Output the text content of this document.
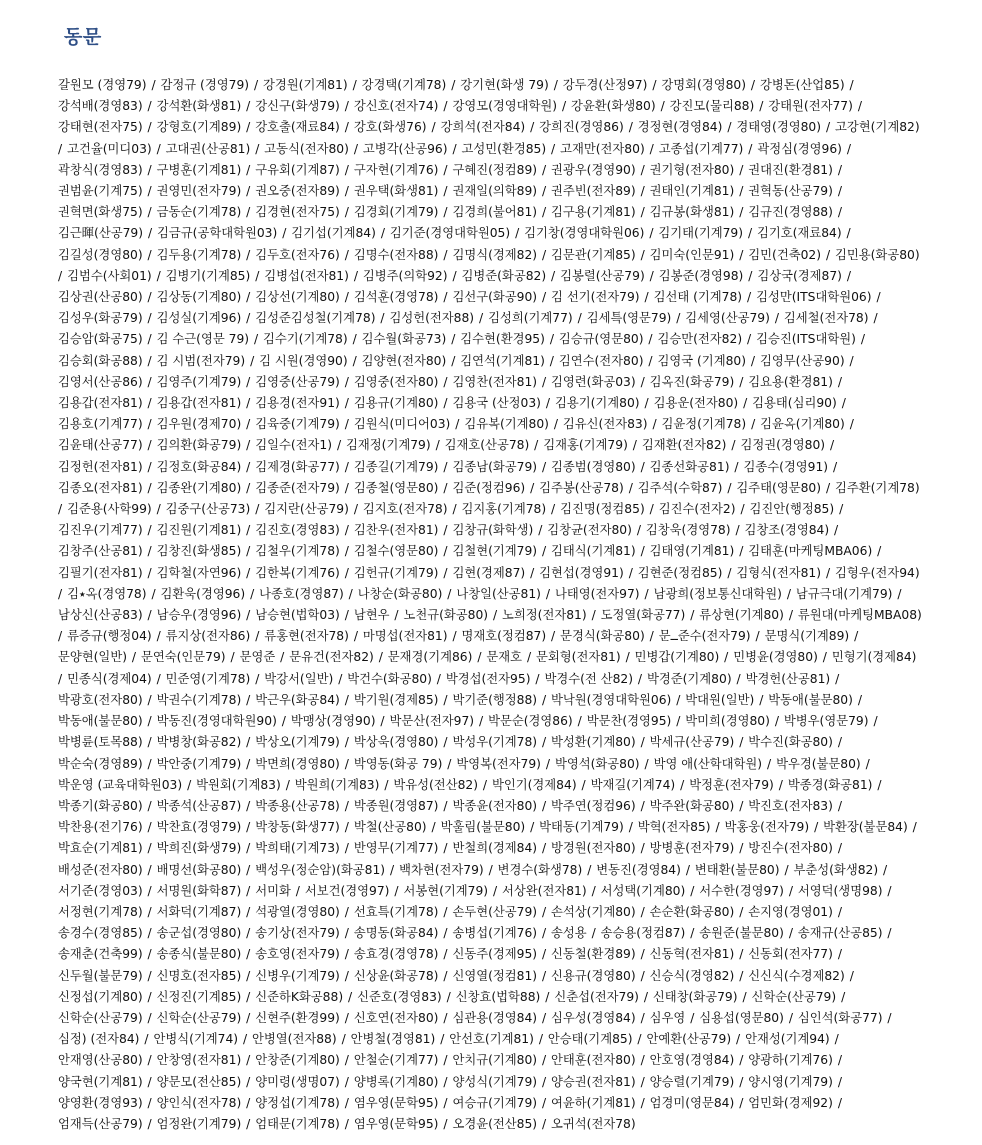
동문
갈원모 (경영79) / 감정규 (경영79) / 강경원(기계81) / 강경택(기계78) / 강기현(화생 79) / 강두경(산정97) / 강명회(경영80) / 강병돈(산업85) / 강석배(경영83) / 강석환(화생81) / 강신구(화생79) / 강신호(전자74) / 강영모(경영대학원) / 강윤환(화생80) / 강진모(물리88) / 강태원(전자77) / 강태현(전자75) / 강형호(기계89) / 강호출(재료84) / 강호(화생76) / 강희석(전자84) / 강희진(경영86) / 경정현(경영84) / 경태영(경영80) / 고강현(기계82) / 고건율(미디03) / 고대권(산공81) / 고동식(전자80) / 고병각(산공96) / 고성민(환경85) / 고재만(전자80) / 고종섭(기계77) / 곽정심(경영96) / 곽창식(경영83) / 구병훈(기계81) / 구유회(기계87) / 구자현(기계76) / 구혜진(정컴89) / 권광우(경영90) / 권기형(전자80) / 권대진(환경81) / 권범윤(기계75) / 권영민(전자79) / 권오중(전자89) / 권우택(화생81) / 권재일(의학89) / 권주빈(전자89) / 권태인(기계81) / 권혁동(산공79) / 권혁면(화생75) / 금동순(기계78) / 김경현(전자75) / 김경회(기계79) / 김경희(불어81) / 김구용(기계81) / 김규봉(화생81) / 김규진(경영88) / 김근暉(산공79) / 김금규(공학대학원03) / 김기섭(기계84) / 김기준(경영대학원05) / 김기창(경영대학원06) / 김기태(기계79) / 김기호(재료84) / 김길성(경영80) / 김두용(기계78) / 김두호(전자76) / 김명수(전자88) / 김명식(경제82) / 김문관(기계85) / 김미숙(인문91) / 김민(건축02) / 김민용(화공80) / 김범수(사회01) / 김병기(기계85) / 김병섭(전자81) / 김병주(의학92) / 김병준(화공82) / 김봉렬(산공79) / 김봉준(경영98) / 김상국(경제87) / 김상권(산공80) / 김상동(기계80) / 김상선(기계80) / 김석훈(경영78) / 김선구(화공90) / 김 선기(전자79) / 김선태 (기계78) / 김성만(ITS대학원06) / 김성우(화공79) / 김성실(기계96) / 김성준김성철(기계78) / 김성헌(전자88) / 김성희(기계77) / 김세특(영문79) / 김세영(산공79) / 김세철(전자78) / 김승암(화공75) / 김 수근(영문 79) / 김수기(기계78) / 김수월(화공73) / 김수현(환경95) / 김승규(영문80) / 김승만(전자82) / 김승진(ITS대학원) / 김승회(화공88) / 김 시범(전자79) / 김 시원(경영90) / 김양현(전자80) / 김연석(기계81) / 김연수(전자80) / 김영국 (기계80) / 김영무(산공90) / 김영서(산공86) / 김영주(기계79) / 김영중(산공79) / 김영중(전자80) / 김영찬(전자81) / 김영련(화공03) / 김옥진(화공79) / 김요용(환경81) / 김용갑(전자81) / 김용갑(전자81) / 김용경(전자91) / 김용규(기계80) / 김용국 (산정03) / 김용기(기계80) / 김용운(전자80) / 김용태(심리90) / 김용호(기계77) / 김우원(경제70) / 김육중(기계79) / 김원식(미디어03) / 김유복(기계80) / 김유신(전자83) / 김윤정(기계78) / 김윤옥(기계80) / 김윤태(산공77) / 김의환(화공79) / 김일수(전자1) / 김재정(기계79) / 김재호(산공78) / 김재홍(기계79) / 김재환(전자82) / 김정권(경영80) / 김정헌(전자81) / 김정호(화공84) / 김제경(화공77) / 김종길(기계79) / 김종남(화공79) / 김종범(경영80) / 김종선화공81) / 김종수(경영91) / 김종오(전자81) / 김종완(기계80) / 김종준(전자79) / 김종철(영문80) / 김준(정컴96) / 김주봉(산공78) / 김주석(수학87) / 김주태(영문80) / 김주환(기계78) / 김준용(사학99) / 김중구(산공73) / 김지란(산공79) / 김지호(전자78) / 김지홍(기계78) / 김진명(정컴85) / 김진수(전자2) / 김진안(행정85) / 김진우(기계77) / 김진원(기계81) / 김진호(경영83) / 김찬우(전자81) / 김창규(화학생) / 김창균(전자80) / 김창욱(경영78) / 김창조(경영84) / 김창주(산공81) / 김창진(화생85) / 김철우(기계78) / 김철수(영문80) / 김철현(기계79) / 김태식(기계81) / 김태영(기계81) / 김태훈(마케팅MBA06) / 김필기(전자81) / 김학철(자연96) / 김한복(기계76) / 김헌규(기계79) / 김현(경제87) / 김현섭(경영91) / 김현준(정컴85) / 김형식(전자81) / 김형우(전자94) / 김٭옥(경영78) / 김환욱(경영96) / 나종호(경영87) / 나창순(화공80) / 나창일(산공81) / 나태영(전자97) / 남광희(정보통신대학원) / 남규극대(기계79) / 남상신(산공83) / 남승우(경영96) / 남승현(법학03) / 남현우 / 노천규(화공80) / 노희정(전자81) / 도정열(화공77) / 류상현(기계80) / 류원대(마케팅MBA08) / 류증규(행정04) / 류지상(전자86) / 류홍현(전자78) / 마명섭(전자81) / 명재호(정컴87) / 문경식(화공80) / 문ــ준수(전자79) / 문명식(기계89) / 문양현(일반) / 문연숙(인문79) / 문영준 / 문유건(전자82) / 문재경(기계86) / 문재호 / 문회형(전자81) / 민병갑(기계80) / 민병윤(경영80) / 민형기(경제84) / 민종식(경제04) / 민준영(기계78) / 박강서(일반) / 박건수(화공80) / 박경섭(전자95) / 박경수(전 산82) / 박경준(기계80) / 박경헌(산공81) / 박광호(전자80) / 박권수(기계78) / 박근우(화공84) / 박기원(경제85) / 박기준(행정88) / 박낙원(경영대학원06) / 박대원(일반) / 박동애(불문80) / 박동애(불문80) / 박동진(경영대학원90) / 박맹상(경영90) / 박문산(전자97) / 박문순(경영86) / 박문찬(경영95) / 박미희(경영80) / 박병우(영문79) / 박병륜(토목88) / 박병창(화공82) / 박상오(기계79) / 박상욱(경영80) / 박성우(기계78) / 박성환(기계80) / 박세규(산공79) / 박수진(화공80) / 박순숙(경영89) / 박안중(기계79) / 박면희(경영80) / 박영동(화공 79) / 박영복(전자79) / 박영석(화공80) / 박영 애(산학대학원) / 박우경(불문80) / 박운영 (교육대학원03) / 박원회(기계83) / 박원희(기계83) / 박유성(전산82) / 박인기(경제84) / 박재길(기계74) / 박정훈(전자79) / 박종경(화공81) / 박종기(화공80) / 박종석(산공87) / 박종용(산공78) / 박종원(경영87) / 박종윤(전자80) / 박주연(정컴96) / 박주완(화공80) / 박진호(전자83) / 박찬용(전기76) / 박찬효(경영79) / 박창동(화생77) / 박철(산공80) / 박훌림(불문80) / 박태동(기계79) / 박혁(전자85) / 박홍웅(전자79) / 박환장(불문84) / 박효순(기계81) / 박희진(화생79) / 박희태(기계73) / 반영무(기계77) / 반철희(경제84) / 방경원(전자80) / 방병훈(전자79) / 방진수(전자80) / 배성준(전자80) / 배명선(화공80) / 백성우(정순암)(화공81) / 백차현(전자79) / 변경수(화생78) / 변동진(경영84) / 변태환(불문80) / 부춘성(화생82) / 서기준(경영03) / 서명원(화학87) / 서미화 / 서보건(경영97) / 서봉현(기계79) / 서상완(전자81) / 서성택(기계80) / 서수한(경영97) / 서영덕(생명98) / 서정현(기계78) / 서화덕(기계87) / 석광열(경영80) / 선효특(기계78) / 손두현(산공79) / 손석상(기계80) / 손순환(화공80) / 손지영(경영01) / 송경수(경영85) / 송군섭(경영80) / 송기상(전자79) / 송명동(화공84) / 송병섭(기계76) / 송성용 / 송승용(정컴87) / 송원준(불문80) / 송재규(산공85) / 송재춘(건축99) / 송종식(불문80) / 송호영(전자79) / 송효경(경영78) / 신동주(경제95) / 신동철(환경89) / 신동혁(전자81) / 신동회(전자77) / 신두월(불문79) / 신명호(전자85) / 신병우(기계79) / 신상윤(화공78) / 신영열(정컴81) / 신용규(경영80) / 신승식(경영82) / 신신식(수경제82) / 신정섭(기계80) / 신정진(기계85) / 신준하K화공88) / 신준호(경영83) / 신창효(법학88) / 신춘섭(전자79) / 신태창(화공79) / 신학순(산공79) / 신학순(산공79) / 신학순(산공79) / 신현주(환경99) / 신호연(전자80) / 심관용(경영84) / 심우성(경영84) / 심우영 / 심용섭(영문80) / 심인석(화공77) / 심정) (전자84) / 안병식(기계74) / 안병열(전자88) / 안병철(경영81) / 안선호(기계81) / 안승태(기계85) / 안예환(산공79) / 안재성(기계94) / 안재영(산공80) / 안창영(전자81) / 안창준(기계80) / 안철순(기계77) / 안치규(기계80) / 안태훈(전자80) / 안호영(경영84) / 양광하(기계76) / 양국현(기계81) / 양문모(전산85) / 양미령(생명07) / 양병록(기계80) / 양성식(기계79) / 양승권(전자81) / 양승렬(기계79) / 양시영(기계79) / 양영환(경영93) / 양인식(전자78) / 양정섭(기계78) / 염우영(문학95) / 여승규(기계79) / 여윤하(기계81) / 엄경미(영문84) / 엄민화(경제92) / 엄재득(산공79) / 엄정완(기계79) / 엄태문(기계78) / 염우영(문학95) / 오경윤(전산85) / 오귀석(전자78)
